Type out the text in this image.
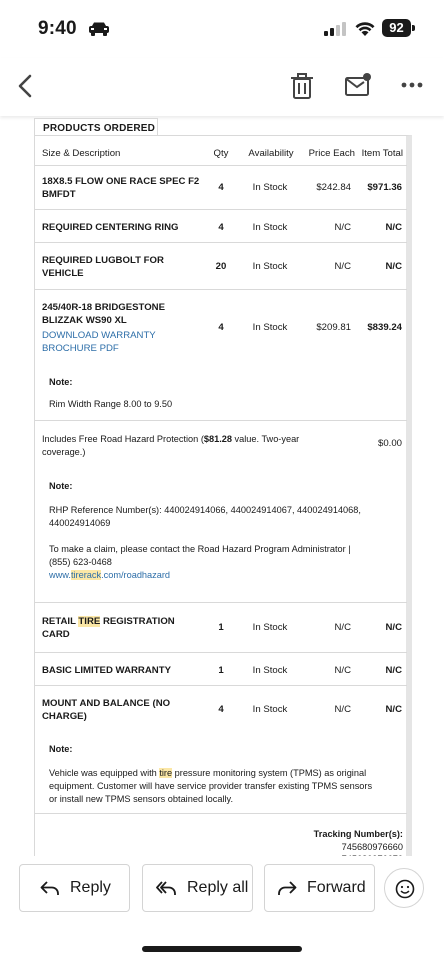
9:40	92
PRODUCTS ORDERED
Size & Description	Qty	Availability	Price Each Item Total
18X8.5 FLOW ONE RACE SPEC F2
BMFDT
4	In Stock	$242.84	$971.36
REQUIRED CENTERING RING	4	In Stock	N/C	N/C
REQUIRED LUGBOLT FOR
VEHICLE
20	In Stock	N/C	N/C
245/40R-18 BRIDGESTONE
BLIZZAK WS90 XL
DOWNLOAD WARRANTY
BROCHURE PDF
4	In Stock	$209.81	$839.24
Note:
Rim Width Range 8.00 to 9.50
Includes Free Road Hazard Protection ($81.28 value. Two-year
coverage.)
$0.00
Note:
RHP Reference Number(s): 440024914066, 440024914067, 440024914068,
440024914069
To make a claim, please contact the Road Hazard Program Administrator |
(855) 623-0468
www.tirerack.com/roadhazard
RETAIL TIRE REGISTRATION
CARD
1	In Stock	N/C	N/C
BASIC LIMITED WARRANTY	1	In Stock	N/C	N/C
MOUNT AND BALANCE (NO
CHARGE)
4	In Stock	N/C	N/C
Note:
Vehicle was equipped with tire pressure monitoring system (TPMS) as original
equipment. Customer will have service provider transfer existing TPMS sensors
or install new TPMS sensors obtained locally.
Tracking Number(s):
745680976660
Reply	Reply all	Forward
